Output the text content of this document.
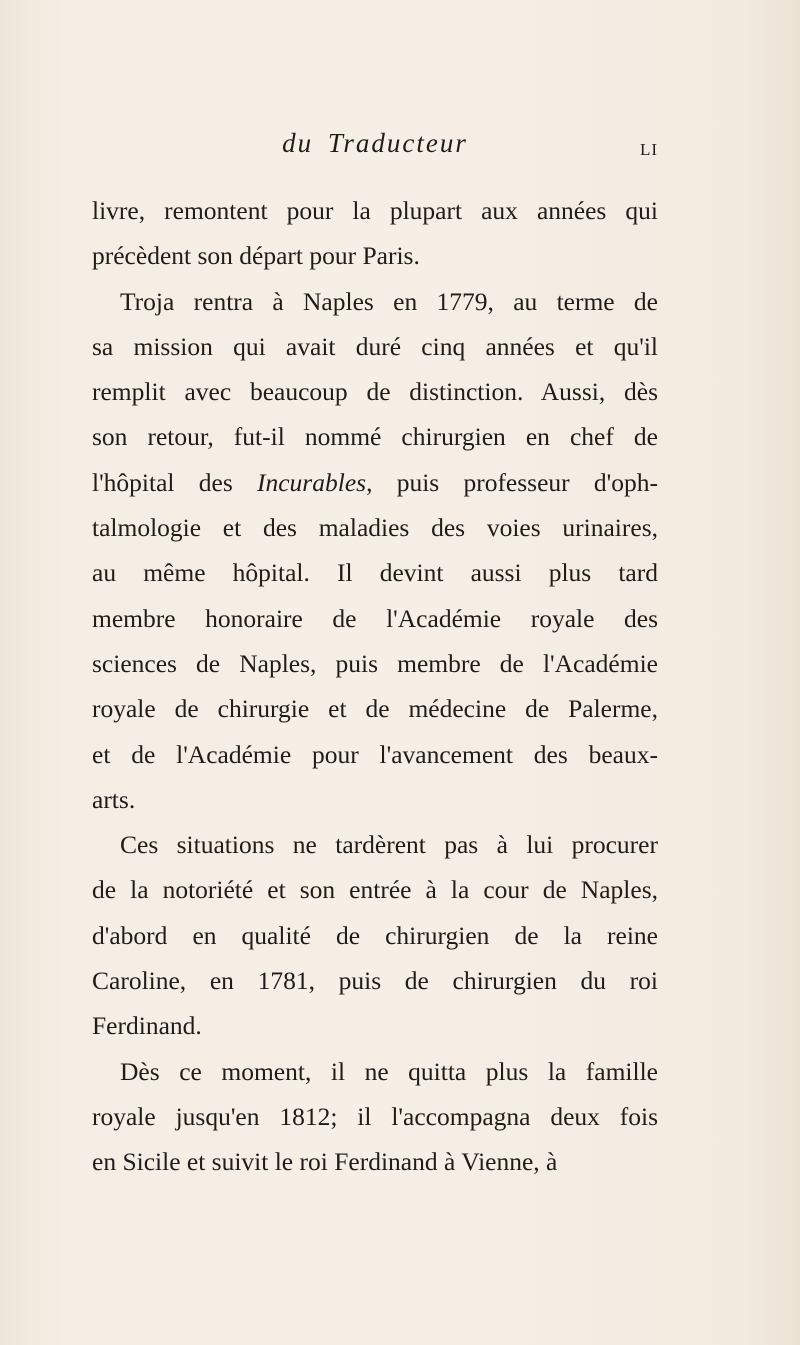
du Traducteur	LI
livre, remontent pour la plupart aux années qui
précèdent son départ pour Paris.
Troja rentra à Naples en 1779, au terme de
sa mission qui avait duré cinq années et qu'il
remplit avec beaucoup de distinction. Aussi, dès
son retour, fut-il nommé chirurgien en chef de
l'hôpital des Incurables, puis professeur d'oph-
talmologie et des maladies des voies urinaires,
au même hôpital. Il devint aussi plus tard
membre honoraire de l'Académie royale des
sciences de Naples, puis membre de l'Académie
royale de chirurgie et de médecine de Palerme,
et de l'Académie pour l'avancement des beaux-
arts.
Ces situations ne tardèrent pas à lui procurer
de la notoriété et son entrée à la cour de Naples,
d'abord en qualité de chirurgien de la reine
Caroline, en 1781, puis de chirurgien du roi
Ferdinand.
Dès ce moment, il ne quitta plus la famille
royale jusqu'en 1812; il l'accompagna deux fois
en Sicile et suivit le roi Ferdinand à Vienne, à
